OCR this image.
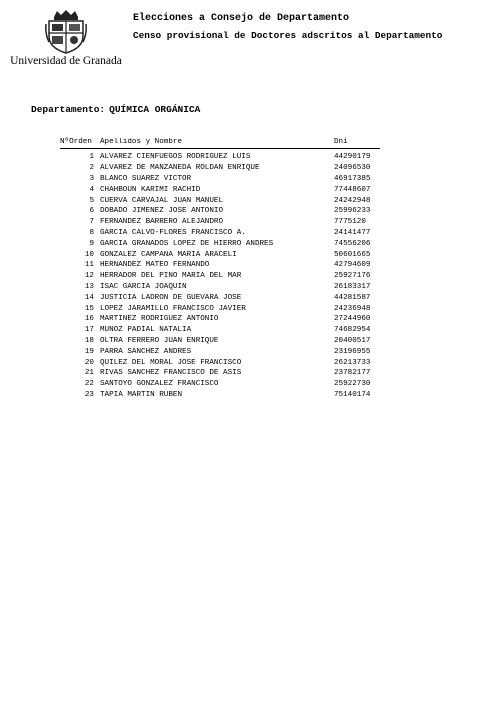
Universidad de Granada
Elecciones a Consejo de Departamento
Censo provisional de Doctores adscritos al Departamento
Departamento: QUÍMICA ORGÁNICA
NºOrden	Apellidos y Nombre	Dni
1 ÁLVAREZ CIENFUEGOS RODRÍGUEZ LUIS	44290179
2 ÁLVAREZ DE MANZANEDA ROLDÁN ENRIQUE	24096530
3 BLANCO SUÁREZ VÍCTOR	46917385
4 CHAHBOUN KARIMI RACHID	77448607
5 CUERVA CARVAJAL JUAN MANUEL	24242948
6 DOBADO JIMÉNEZ JOSÉ ANTONIO	25996233
7 FERNÁNDEZ BARRERO ALEJANDRO	7775120
8 GARCÍA CALVO-FLORES FRANCISCO A.	24141477
9 GARCÍA GRANADOS LÓPEZ DE HIERRO ANDRÉS	74556206
10 GONZÁLEZ CAMPAÑA MARÍA ARACELI	50601665
11 HERNÁNDEZ MATEO FERNANDO	42794609
12 HERRADOR DEL PINO MARÍA DEL MAR	25927176
13 ISAC GARCÍA JOAQUÍN	26183317
14 JUSTICIA LADRÓN DE GUEVARA JOSÉ	44281587
15 LÓPEZ JARAMILLO FRANCISCO JAVIER	24236948
16 MARTÍNEZ RODRÍGUEZ ANTONIO	27244960
17 MUÑOZ PADIAL NATALIA	74682954
18 OLTRA FERRERO JUAN ENRIQUE	20400517
19 PARRA SÁNCHEZ ANDRÉS	23196955
20 QUÍLEZ DEL MORAL JOSÉ FRANCISCO	26213733
21 RIVAS SÁNCHEZ FRANCISCO DE ASÍS	23782177
22 SANTOYO GONZÁLEZ FRANCISCO	25922730
23 TAPIA MARTÍN RUBÉN	75140174
